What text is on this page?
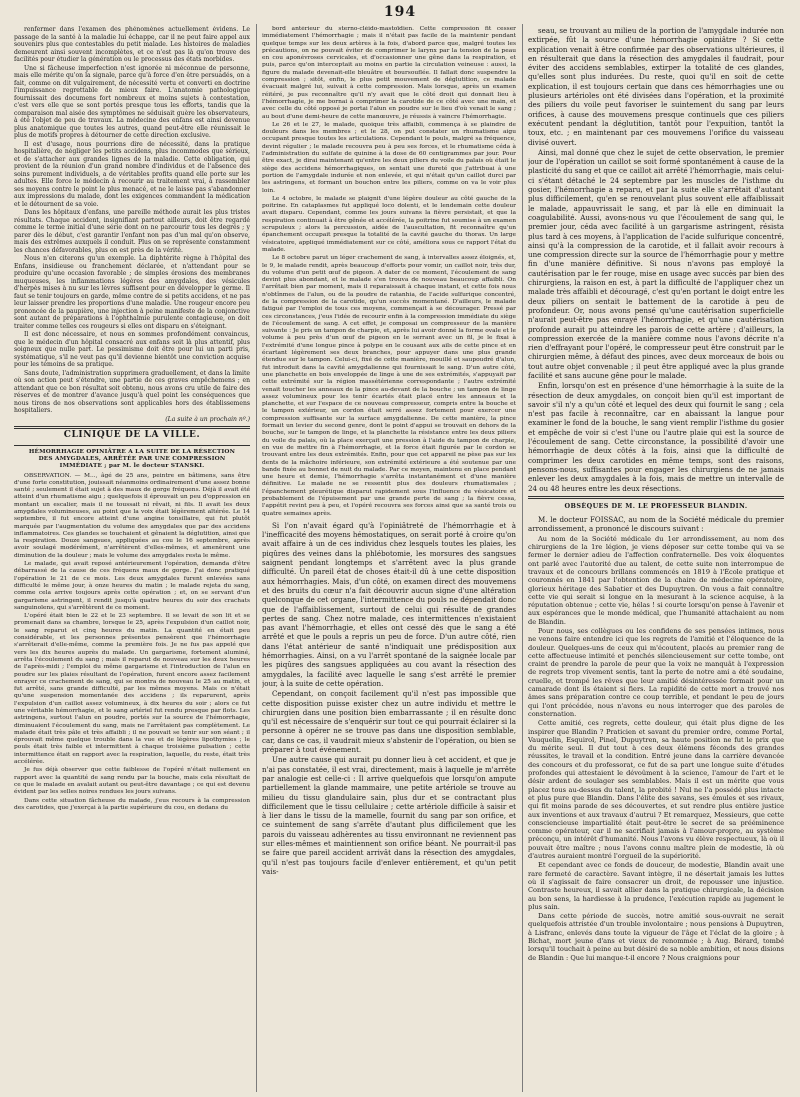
194

renfermer dans l'examen des phénomènes actuellement évidens. Le passage de la santé à la maladie lui échappe, car il ne peut faire appel aux souvenirs plus que contestables du petit malade. Les histoires de maladies demeurent ainsi souvent incomplètes, et ce n'est pas là qu'on trouve des facilités pour étudier la génération ou le processus des états morbides.

Une si fâcheuse imperfection n'est ignorée ni méconnue de personne, mais elle mérite qu'on la signale, parce qu'à force d'en être persuadés, on a fait, comme on dit vulgairement, de nécessité vertu et converti en doctrine l'impuissance regrettable de mieux faire. L'anatomie pathologique fournissait des documens fort nombreux et moins sujets à contestation, c'est vers elle que se sont portés presque tous les efforts, tandis que la comparaison mal aisée des symptômes ne séduisait guère les observateurs, à été l'objet de peu de travaux. La médecine des enfans est ainsi devenue plus anatomique que toutes les autres, quand peut-être elle réunissait le plus de motifs propres à détourner de cette direction exclusive.

Il est d'usage, nous pourrions dire de nécessité, dans la pratique hospitalière, de négliger les petits accidens, plus incommodes que sérieux, et de s'attacher aux grandes lignes de la maladie. Cette obligation, qui provient de la réunion d'un grand nombre d'individus et de l'absence des soins purement individuels, a de véritables profits quand elle porte sur les adultes. Elle force le médecin à recourir au traitement vrai, à rassembler ses moyens contre le point le plus menacé, et ne le laisse pas s'abandonner aux impressions du malade, dont les exigences commandent la médication et le détournent de sa voie.

Dans les hôpitaux d'enfans, une pareille méthode aurait les plus tristes résultats. Chaque accident, insignifiant partout ailleurs, doit être regardé comme le terme initial d'une série dont on ne parcourir tous les degrés ; y parer dès le début, c'est garantir l'enfant non pas d'un mal qu'on observe, mais des extrêmes auxquels il conduit. Plus on se représente constamment les chances défavorables, plus on est près de la vérité.

Nous n'en citerons qu'un exemple. La diphtérite règne à l'hôpital des Enfans, insidieuse ou franchement déclarée, et n'attendant pour se produire qu'une occasion favorable ; de simples érosions des membranes muqueuses, les inflammations légères des amygdales, des vésicules d'herpès mises à nu sur les lèvres suffisent pour en développer le germe. Il faut se tenir toujours en garde, même contre de si petits accidens, et ne pas leur laisser prendre les proportions d'une maladie. Une rougeur encore peu prononcée de la paupière, une injection à peine manifeste de la conjonctive sont autant de préparations à l'ophthalmie purulente contagieuse, on doit traiter comme telles ces rougeurs si elles ont disparu en s'éteignant.

Il est donc nécessaire, et nous en sommes profondément convaincus, que le médecin d'un hôpital consacré aux enfans soit là plus attentif, plus soigneux que nulle part. Le pessimisme doit être pour lui un parti pris, systématique, s'il ne veut pas qu'il devienne bientôt une conviction acquise pour les témoins de sa pratique.

Sans doute, l'administration supprimera graduellement, et dans la limite où son action peut s'étendre, une partie de ces graves empêchemens ; en attendant que ce bon résultat soit obtenu, nous avons cru utile de faire des réserves et de montrer d'avance jusqu'à quel point les conséquences que nous tirons de nos observations sont applicables hors des établissemens hospitaliers.

(La suite à un prochain nº.)

CLINIQUE DE LA VILLE.

HÉMORRHAGIE OPINIÂTRE A LA SUITE DE LA RÉSECTION DES AMYGDALES, ARRÊTÉE PAR UNE COMPRESSION IMMÉDIATE ; par M. le docteur STANSKI.

OBSERVATION. — M..., âgé de 25 ans, peintre en bâtimens, sans être d'une forte constitution, jouissait néanmoins ordinairement d'une assez bonne santé ; seulement il était sujet à des maux de gorge fréquens. Déjà il avait été atteint d'un rhumatisme aigu ; quelquefois il éprouvait un peu d'oppression en montant un escalier, mais il ne toussait ni rêvait, ni fils. Il avait les deux amygdales volumineuses, au point que la voix était légèrement altérée. Le 14 septembre, il fut encore atteint d'une angine tonsillaire, qui fut plutôt marquée par l'augmentation du volume des amygdales que par des accidens inflammatoires. Ces glandes se touchaient et gênaient la déglutition, ainsi que la respiration. Douze sangsues, appliquées au cou le 16 septembre, après avoir soulagé modérément, n'arrêtèrent d'elles-mêmes, et amenèrent une diminution de la douleur ; mais le volume des amygdales resta le même.

Le malade, qui avait reposé antérieurement l'opération, demanda d'être débarrassé de la cause de ces fréquens maux de gorge. J'ai donc pratiqué l'opération le 21 de ce mois. Les deux amygdales furent enlevées sans difficulté le même jour, à onze heures du matin ; le malade rejeta du sang, comme cela arrive toujours après cette opération ; et, on se servant d'un gargarisme astringent, il rendit jusqu'à quatre heures du soir des crachats sanguinolens, qui s'arrêtèrent de ce moment.

L'opéré était bien le 22 et le 23 septembre. Il se levait de son lit et se promenait dans sa chambre, lorsque le 25, après l'expulsion d'un caillot noir, le sang reparut et cinq heures du matin. La quantité en était peu considérable, et les personnes présentes pensèrent que l'hémorrhagie s'arrêterait d'elle-même, comme la première fois. Je ne fus pas appelé que vers les dix heures auprès du malade. Un gargarisme, fortement aluminé, arrêta l'écoulement du sang ; mais il reparut de nouveau sur les deux heures de l'après-midi ; l'emploi du même gargarisme et l'introduction de l'alun en poudre sur les plaies résultant de l'opération, furent encore assez facilement enrayer ce crachement de sang, qui se montra de nouveau le 25 au matin, et fut arrêté, sans grande difficulté, par les mêmes moyens. Mais ce n'était qu'une suspension momentanée des accidens ; ils reparurent, après l'expulsion d'un caillot assez volumineux, à dix heures du soir ; alors ce fut une véritable hémorrhagie, et le sang artériel fut rendu presque par flots. Les astringens, surtout l'alun en poudre, portés sur la source de l'hémorrhagie, diminuaient l'écoulement du sang, mais ne l'arrêtaient pas complètement. Le malade était très pâle et très affaibli ; il ne pouvait se tenir sur son séant ; il éprouvait même quelque trouble dans la vue et de légères lipothymies ; le pouls était très faible et intermittent à chaque troisième pulsation ; cette intermittence était en rapport avec la respiration, laquelle, du reste, était très accélérée.

Je fus déjà observer que cette faiblesse de l'opéré n'était nullement en rapport avec la quantité de sang rendu par la bouche, mais cela résultait de ce que le malade en avalait autant ou peut-être davantage ; ce qui est devenu évident par les selles noires rendues les jours suivans.

Dans cette situation fâcheuse du malade, j'eus recours à la compression des carotides, que j'exerçai à la partie supérieure du cou, en dedans du

bord antérieur du sterno-cléido-mastoïdien. Cette compression fit cesser immédiatement l'hémorrhagie ; mais il n'était pas facile de la maintenir pendant quelque temps sur les deux artères à la fois, d'abord parce que, malgré toutes les précautions, on ne pouvait éviter de comprimer le larynx par la tension de la peau en cou aponévroses cervicales, et d'occasionner une gêne dans la respiration, et puis, parce qu'on interceptait au moins en partie la circulation veineuse : aussi, la figure du malade devenait-elle bleuâtre et boursouflée. Il fallait donc suspendre la compression ; sitôt, enfin, le plus petit mouvement de déglutition, ce malade évacuait malgré lui, suivait à cette compression. Mais lorsque, après un examen réitéré, je pus reconnaître qu'il n'y avait que le côté droit qui donnait lieu à l'hémorrhagie, je me bornai à comprimer la carotide de ce côté avec une main, et avec celle du côté opposé je portai l'alun en poudre sur le lieu d'où venait le sang ; au bout d'une demi-heure de cette manœuvre, je réussis à vaincre l'hémorrhagie.

Le 26 et le 27, le malade, quoique très affaibli, commença à se plaindre de douleurs dans les membres ; et le 28, on put constater un rhumatisme aigu occupant presque toutes les articulations. Cependant le pouls, malgré sa fréquence, devint régulier ; le malade recouvra peu à peu ses forces, et le rhumatisme céda à l'administration du sulfate de quinine à la dose de 60 centigrammes par jour. Pour être exact, je dirai maintenant qu'entre les deux piliers du voile du palais où était le siège des accidens hémorrhagiques, on sentait une dureté que j'attribuai à une portion de l'amygdale indurée et non enlevée, et qui n'était qu'un caillot durci par les astringens, et formant un bouchon entre les piliers, comme on va le voir plus loin.

Le 4 octobre, le malade se plaignit d'une légère douleur au côté gauche de la poitrine. En cataplasmes fut appliqué loco dolenti, et le lendemain cette douleur avait disparu. Cependant, comme les jours suivans la fièvre persistait, et que la respiration continuait à être gênée et accélérée, la poitrine fut soumise à un examen scrupuleux ; alors la percussion, aidée de l'auscultation, fit reconnaître qu'un épanchement occupait presque la totalité de la cavité gauche du thorax. Un large vésicatoire, appliqué immédiatement sur ce côté, améliora sous ce rapport l'état du malade.

Le 8 octobre parut un léger crachement de sang, à intervalles assez éloignés, et, le 9, le malade rendit, après beaucoup d'efforts pour vomir, un caillot noir, très dur, du volume d'un petit œuf de pigeon. A dater de ce moment, l'écoulement de sang devint plus abondant, et le malade s'en trouva de nouveau beaucoup affaibli. On l'arrêtait bien par moment, mais il reparaissait à chaque instant, et cette fois nous n'obtînmes de l'alun, ou de la poudre de ratanhia, de l'acide sulfurique concentré, de la compression de la carotide, qu'un succès momentané. D'ailleurs, le malade fatigué par l'emploi de tous ces moyens, commençait à se décourager. Pressé par ces circonstances, j'eus l'idée de recourir enfin à la compression immédiate du siège de l'écoulement de sang. A cet effet, je composai un compresseur de la manière suivante : Je pris un tampon de charpie, et, après lui avoir donné la forme ovale et le volume à peu près d'un œuf de pigeon en le serrant avec un fil, je le fixai à l'extrémité d'une longue pince à polype en le cousant aux ails de cette pince et en écartant légèrement ses deux branches, pour appuyer dans une plus grande étendue sur le tampon. Celui-ci, fixé de cette manière, mouillé et saupoudré d'alun, fut introduit dans la cavité amygdalienne qui fournissait le sang. D'un autre côté, une planchette en bois enveloppée de linge à une de ses extrémités, s'appuyait par cette extrémité sur la région massétérienne correspondante ; l'autre extrémité venait toucher les anneaux de la pince au-devant de la bouche ; un tampon de linge assez volumineux pour les tenir écartés était placé entre les anneaux et la planchette, et sur l'espace de ce nouveau compresseur, compris entre la bouche et le tampon extérieur, un cordon était serré assez fortement pour exercer une compression suffisante sur la surface amygdalienne. De cette manière, la pince formait un levier du second genre, dont le point d'appui se trouvait en dehors de la bouche, sur le tampon de linge, et la planchette la résistance entre les deux piliers du voile du palais, où la place exerçait une pression à l'aide du tampon de charpie, en vue de mettre fin à l'hémorrhagie, et la force était figurée par le cordon se trouvant entre les deux extrémités. Enfin, pour que cet appareil ne pèse pas sur les dents de la mâchoire inférieure, son extrémité extérieure a été soutenue par une bande fixée au bonnet de nuit du malade. Par ce moyen, maintenu en place pendant une heure et demie, l'hémorrhagie s'arrêta instantanément et d'une manière définitive. Le malade ne se ressentit plus des douleurs rhumatismales ; l'épanchement pleurétique disparut rapidement sous l'influence du vésicatoire et probablement de l'épuisement par une grande perte de sang ; la fièvre cessa, l'appétit revint peu à peu, et l'opéré recouvra ses forces ainsi que sa santé trois ou quatre semaines après.

Si l'on n'avait égard qu'à l'opiniâtreté de l'hémorrhagie et à l'inefficacité des moyens hémostatiques, on serait porté à croire qu'on avait affaire à un de ces individus chez lesquels toutes les plaies, les piqûres des veines dans la phlébotomie, les morsures des sangsues saignent pendant longtemps et s'arrêtent avec la plus grande difficulté. Un pareil état de choses était-il dû à une cette disposition aux hémorrhagies. Mais, d'un côté, on examen direct des mouvemens et des bruits du cœur n'a fait découvrir aucun signe d'une altération quelconque de cet organe, l'intermittence du pouls ne dépendait donc que de l'affaiblissement, surtout de celui qui résulte de grandes pertes de sang. Chez notre malade, ces intermittences n'existaient pas avant l'hémorrhagie, et elles ont cessé dès que le sang a été arrêté et que le pouls a repris un peu de force. D'un autre côté, rien dans l'état antérieur de santé n'indiquait une prédisposition aux hémorrhagies. Ainsi, on a vu l'arrêt spontané de la saignée locale par les piqûres des sangsues appliquées au cou avant la résection des amygdales, la facilité avec laquelle le sang s'est arrêté le premier jour, à la suite de cette opération.

Cependant, on conçoit facilement qu'il n'est pas impossible que cette disposition puisse exister chez un autre individu et mettre le chirurgien dans une position bien embarrassante ; il en résulte donc qu'il est nécessaire de s'enquérir sur tout ce qui pourrait éclairer si la personne à opérer ne se trouve pas dans une disposition semblable, car, dans ce cas, il vaudrait mieux s'abstenir de l'opération, ou bien se préparer à tout événement.

Une autre cause qui aurait pu donner lieu à cet accident, et que je n'ai pas constatée, il est vrai, directement, mais à laquelle je m'arrête par analogie est celle-ci : Il arrive quelquefois que lorsqu'on ampute partiellement la glande mammaire, une petite artériole se trouve au milieu du tissu glandulaire sain, plus dur et se contractant plus difficilement que le tissu cellulaire ; cette artériole difficile à saisir et à lier dans le tissu de la mamelle, fournit du sang par son orifice, et ce suintement de sang s'arrête d'autant plus difficilement que les parois du vaisseau adhèrentes au tissu environnant ne reviennent pas sur elles-mêmes et maintiennent son orifice béant. Ne pourrait-il pas se faire que pareil accident arrivât dans la résection des amygdales, qu'il n'est pas toujours facile d'enlever entièrement, et qu'un petit vais-

seau, se trouvant au milieu de la portion de l'amygdale indurée non extirpée, fût la source d'une hémorrhagie opiniâtre ? Si cette explication venait à être confirmée par des observations ultérieures, il en résulterait que dans la résection des amygdales il faudrait, pour éviter des accidens semblables, extirper la totalité de ces glandes, qu'elles sont plus indurées. Du reste, quoi qu'il en soit de cette explication, il est toujours certain que dans ces hémorrhagies une ou plusieurs artérioles ont été divisées dans l'opération, et la proximité des piliers du voile peut favoriser le suintement du sang par leurs orifices, à cause des mouvemens presque continuels que ces piliers exécutent pendant la déglutition, tantôt pour l'expuition, tantôt la toux, etc. ; en maintenant par ces mouvemens l'orifice du vaisseau divisé ouvert.

Ainsi, mal donné que chez le sujet de cette observation, le premier jour de l'opération un caillot se soit formé spontanément à cause de la plasticité du sang et que ce caillot ait arrêté l'hémorrhagie, mais celui-ci s'étant détaché le 24 septembre par les muscles de l'isthme du gosier, l'hémorrhagie a reparu, et par la suite elle s'arrêtait d'autant plus difficilement, qu'en se renouvelant plus souvent elle affaiblissait le malade, appauvrissait le sang, et par là elle en diminuait la coagulabilité. Aussi, avons-nous vu que l'écoulement de sang qui, le premier jour, céda avec facilité à un gargarisme astringent, résista plus tard à ces moyens, à l'application de l'acide sulfurique concentré, ainsi qu'à la compression de la carotide, et il fallait avoir recours à une compression directe sur la source de l'hémorrhagie pour y mettre fin d'une manière définitive. Si nous n'avons pas employé la cautérisation par le fer rouge, mise en usage avec succès par bien des chirurgiens, la raison en est, à part la difficulté de l'appliquer chez un malade très affaibli et découragé, c'est qu'en portant le doigt entre les deux piliers on sentait le battement de la carotide à peu de profondeur. Or, nous avons pensé qu'une cautérisation superficielle n'aurait peut-être pas enrayé l'hémorrhagie, et qu'une cautérisation profonde aurait pu atteindre les parois de cette artère ; d'ailleurs, la compression exercée de la manière comme nous l'avons décrite n'a rien d'effrayant pour l'opéré, le compresseur peut être construit par le chirurgien même, à défaut des pinces, avec deux morceaux de bois ou tout autre objet convenable ; il peut être appliqué avec la plus grande facilité et sans aucune gêne pour le malade.

Enfin, lorsqu'on est en présence d'une hémorrhagie à la suite de la résection de deux amygdales, on conçoit bien qu'il est important de savoir s'il n'y a qu'un côté et lequel des deux qui fournit le sang ; cela n'est pas facile à reconnaître, car en abaissant la langue pour examiner le fond de la bouche, le sang vient remplir l'isthme du gosier et empêche de voir si c'est l'une ou l'autre plaie qui est la source de l'écoulement de sang. Cette circonstance, la possibilité d'avoir une hémorrhagie de deux côtés à la fois, ainsi que la difficulté de comprimer les deux carotides en même temps, sont des raisons, pensons-nous, suffisantes pour engager les chirurgiens de ne jamais enlever les deux amygdales à la fois, mais de mettre un intervalle de 24 ou 48 heures entre les deux résections.

OBSÈQUES DE M. LE PROFESSEUR BLANDIN.

M. le docteur FOISSAC, au nom de la Société médicale du premier arrondissement, a prononcé le discours suivant :

Au nom de la Société médicale du 1er arrondissement, au nom des chirurgiens de la 1re légion, je viens déposer sur cette tombe qui va se fermer le dernier adieu de l'affection confraternelle. Des voix éloquentes ont parlé avec l'autorité due au talent, de cette suite non interrompue de travaux et de concours brillans commencés en 1819 à l'École pratique et couronnés en 1841 par l'obtention de la chaire de médecine opératoire, glorieux héritage des Sabatier et des Dupuytren. On vous a fait connaître cette vie qui serait si longue en la mesurant à la science acquise, à la réputation obtenue ; cette vie, hélas ! si courte lorsqu'on pense à l'avenir et aux espérances que le monde médical, que l'humanité attachaient au nom de Blandin.

Pour nous, ses collègues ou les confidens de ses pensées intimes, nous ne venons faire entendre ici que les regrets de l'amitié et l'éloquence de la douleur. Quelques-uns de ceux qui m'écoutent, placés au premier rang de cette affectueuse intimité et penchés silencieusement sur cette tombe, ont craint de prendre la parole de peur que la voix ne manquât à l'expression de regrets trop vivement sentis, tant la perte de notre ami a été soudaine, cruelle, et trompé les rêves que leur amitié désintéressée formait pour un camarade dont ils étaient si fiers. La rapidité de cette mort a trouvé nos âmes sans préparation contre ce coup terrible, et pendant le peu de jours qui l'ont précédée, nous n'avons eu nous interroger que des paroles de consternation.

Cette amitié, ces regrets, cette douleur, qui était plus digne de les inspirer que Blandin ? Praticien et savant du premier ordre, comme Portal, Vauquelin, Esquirol, Pinel, Dupuytren, sa haute position ne fut le prix que du mérite seul. Il dut tout à ces deux élémens féconds des grandes réussites, le travail et la condition. Entré jeune dans la carrière devancée des concours et du professorat, ce fut de sa part une longue suite d'études profondes qui attestaient le dévoûment à la science, l'amour de l'art et le désir ardent de soulager ses semblables. Mais il est un mérite que vous placez tous au-dessus du talent, la probité ! Nul ne l'a possédé plus intacte et plus pure que Blandin. Dans l'élite des savans, ses émules et ses rivaux, qui fit moins parade de ses découvertes, et sut rendre plus entière justice aux inventions et aux travaux d'autrui ? Et remarquez, Messieurs, que cette consciencieuse impartialité était peut-être le secret de sa prééminence comme opérateur, car il ne sacrifiait jamais à l'amour-propre, au système préconçu, un intérêt d'humanité. Nous l'avons vu élève respectueux, là où il pouvait être maître ; nous l'avons connu maître plein de modestie, là où d'autres auraient montré l'orgueil de la supériorité.

Et cependant avec ce fonds de douceur, de modestie, Blandin avait une rare fermeté de caractère. Savant intègre, il ne désertait jamais les luttes où il s'agissait de faire consacrer un droit, de repousser une injustice. Contraste heureux, il savait allier dans la pratique chirurgicale, la décision au bon sens, la hardiesse à la prudence, l'exécution rapide au jugement le plus sain.

Dans cette période de succès, notre amitié sous-ouvrait ne serait quelquefois attristée d'un trouble involontaire ; nous pensions à Dupuytren, à Lisfranc, enlevés dans toute la vigueur de l'âge et l'éclat de la gloire ; à Bichat, mort jeune d'ans et vieux de renommée ; à Aug. Bérard, tombé lorsqu'il touchait à peine au but désiré de sa noble ambition, et nous disions de Blandin : Que lui manque-t-il encore ? Nous craignions pour
